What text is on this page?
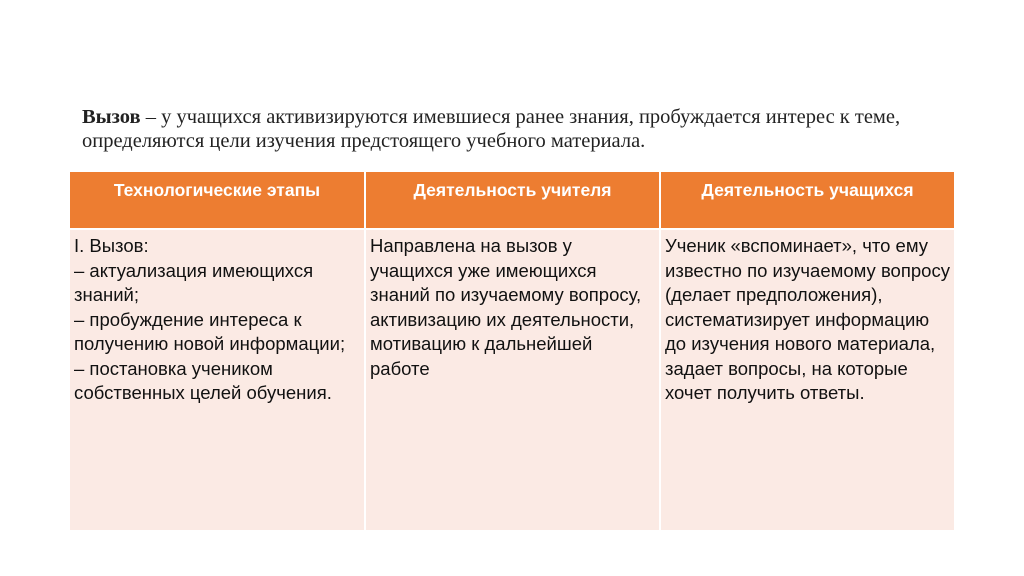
Вызов – у учащихся активизируются имевшиеся ранее знания, пробуждается интерес к теме, определяются цели изучения предстоящего учебного материала.

Технологические этапы	Деятельность учителя	Деятельность учащихся

I. Вызов:
– актуализация имеющихся знаний;
– пробуждение интереса к получению новой информации;
– постановка учеником собственных целей обучения.	Направлена на вызов у учащихся уже имеющихся знаний по изучаемому вопросу, активизацию их деятельности, мотивацию к дальнейшей работе	Ученик «вспоминает», что ему известно по изучаемому вопросу (делает предположения), систематизирует информацию до изучения нового материала, задает вопросы, на которые хочет получить ответы.
